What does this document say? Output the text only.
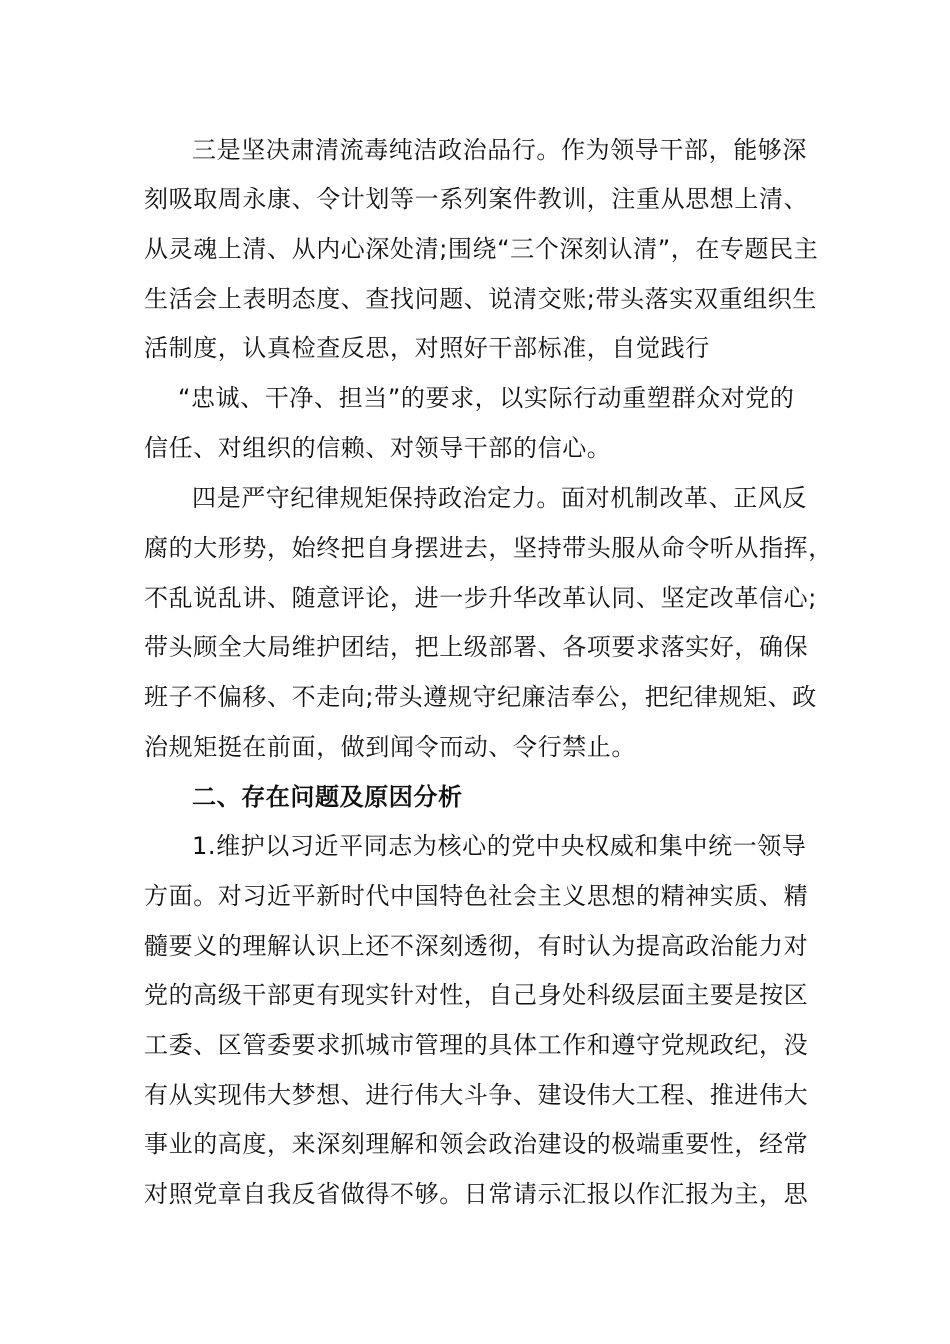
三是坚决肃清流毒纯洁政治品行。作为领导干部，能够深
刻吸取周永康、令计划等一系列案件教训，注重从思想上清、
从灵魂上清、从内心深处清;围绕“三个深刻认清”，在专题民主
生活会上表明态度、查找问题、说清交账;带头落实双重组织生
活制度，认真检查反思，对照好干部标准，自觉践行
“忠诚、干净、担当”的要求，以实际行动重塑群众对党的
信任、对组织的信赖、对领导干部的信心。
四是严守纪律规矩保持政治定力。面对机制改革、正风反
腐的大形势，始终把自身摆进去，坚持带头服从命令听从指挥，
不乱说乱讲、随意评论，进一步升华改革认同、坚定改革信心;
带头顾全大局维护团结，把上级部署、各项要求落实好，确保
班子不偏移、不走向;带头遵规守纪廉洁奉公，把纪律规矩、政
治规矩挺在前面，做到闻令而动、令行禁止。
二、存在问题及原因分析
1.维护以习近平同志为核心的党中央权威和集中统一领导
方面。对习近平新时代中国特色社会主义思想的精神实质、精
髓要义的理解认识上还不深刻透彻，有时认为提高政治能力对
党的高级干部更有现实针对性，自己身处科级层面主要是按区
工委、区管委要求抓城市管理的具体工作和遵守党规政纪，没
有从实现伟大梦想、进行伟大斗争、建设伟大工程、推进伟大
事业的高度，来深刻理解和领会政治建设的极端重要性，经常
对照党章自我反省做得不够。日常请示汇报以作汇报为主，思
